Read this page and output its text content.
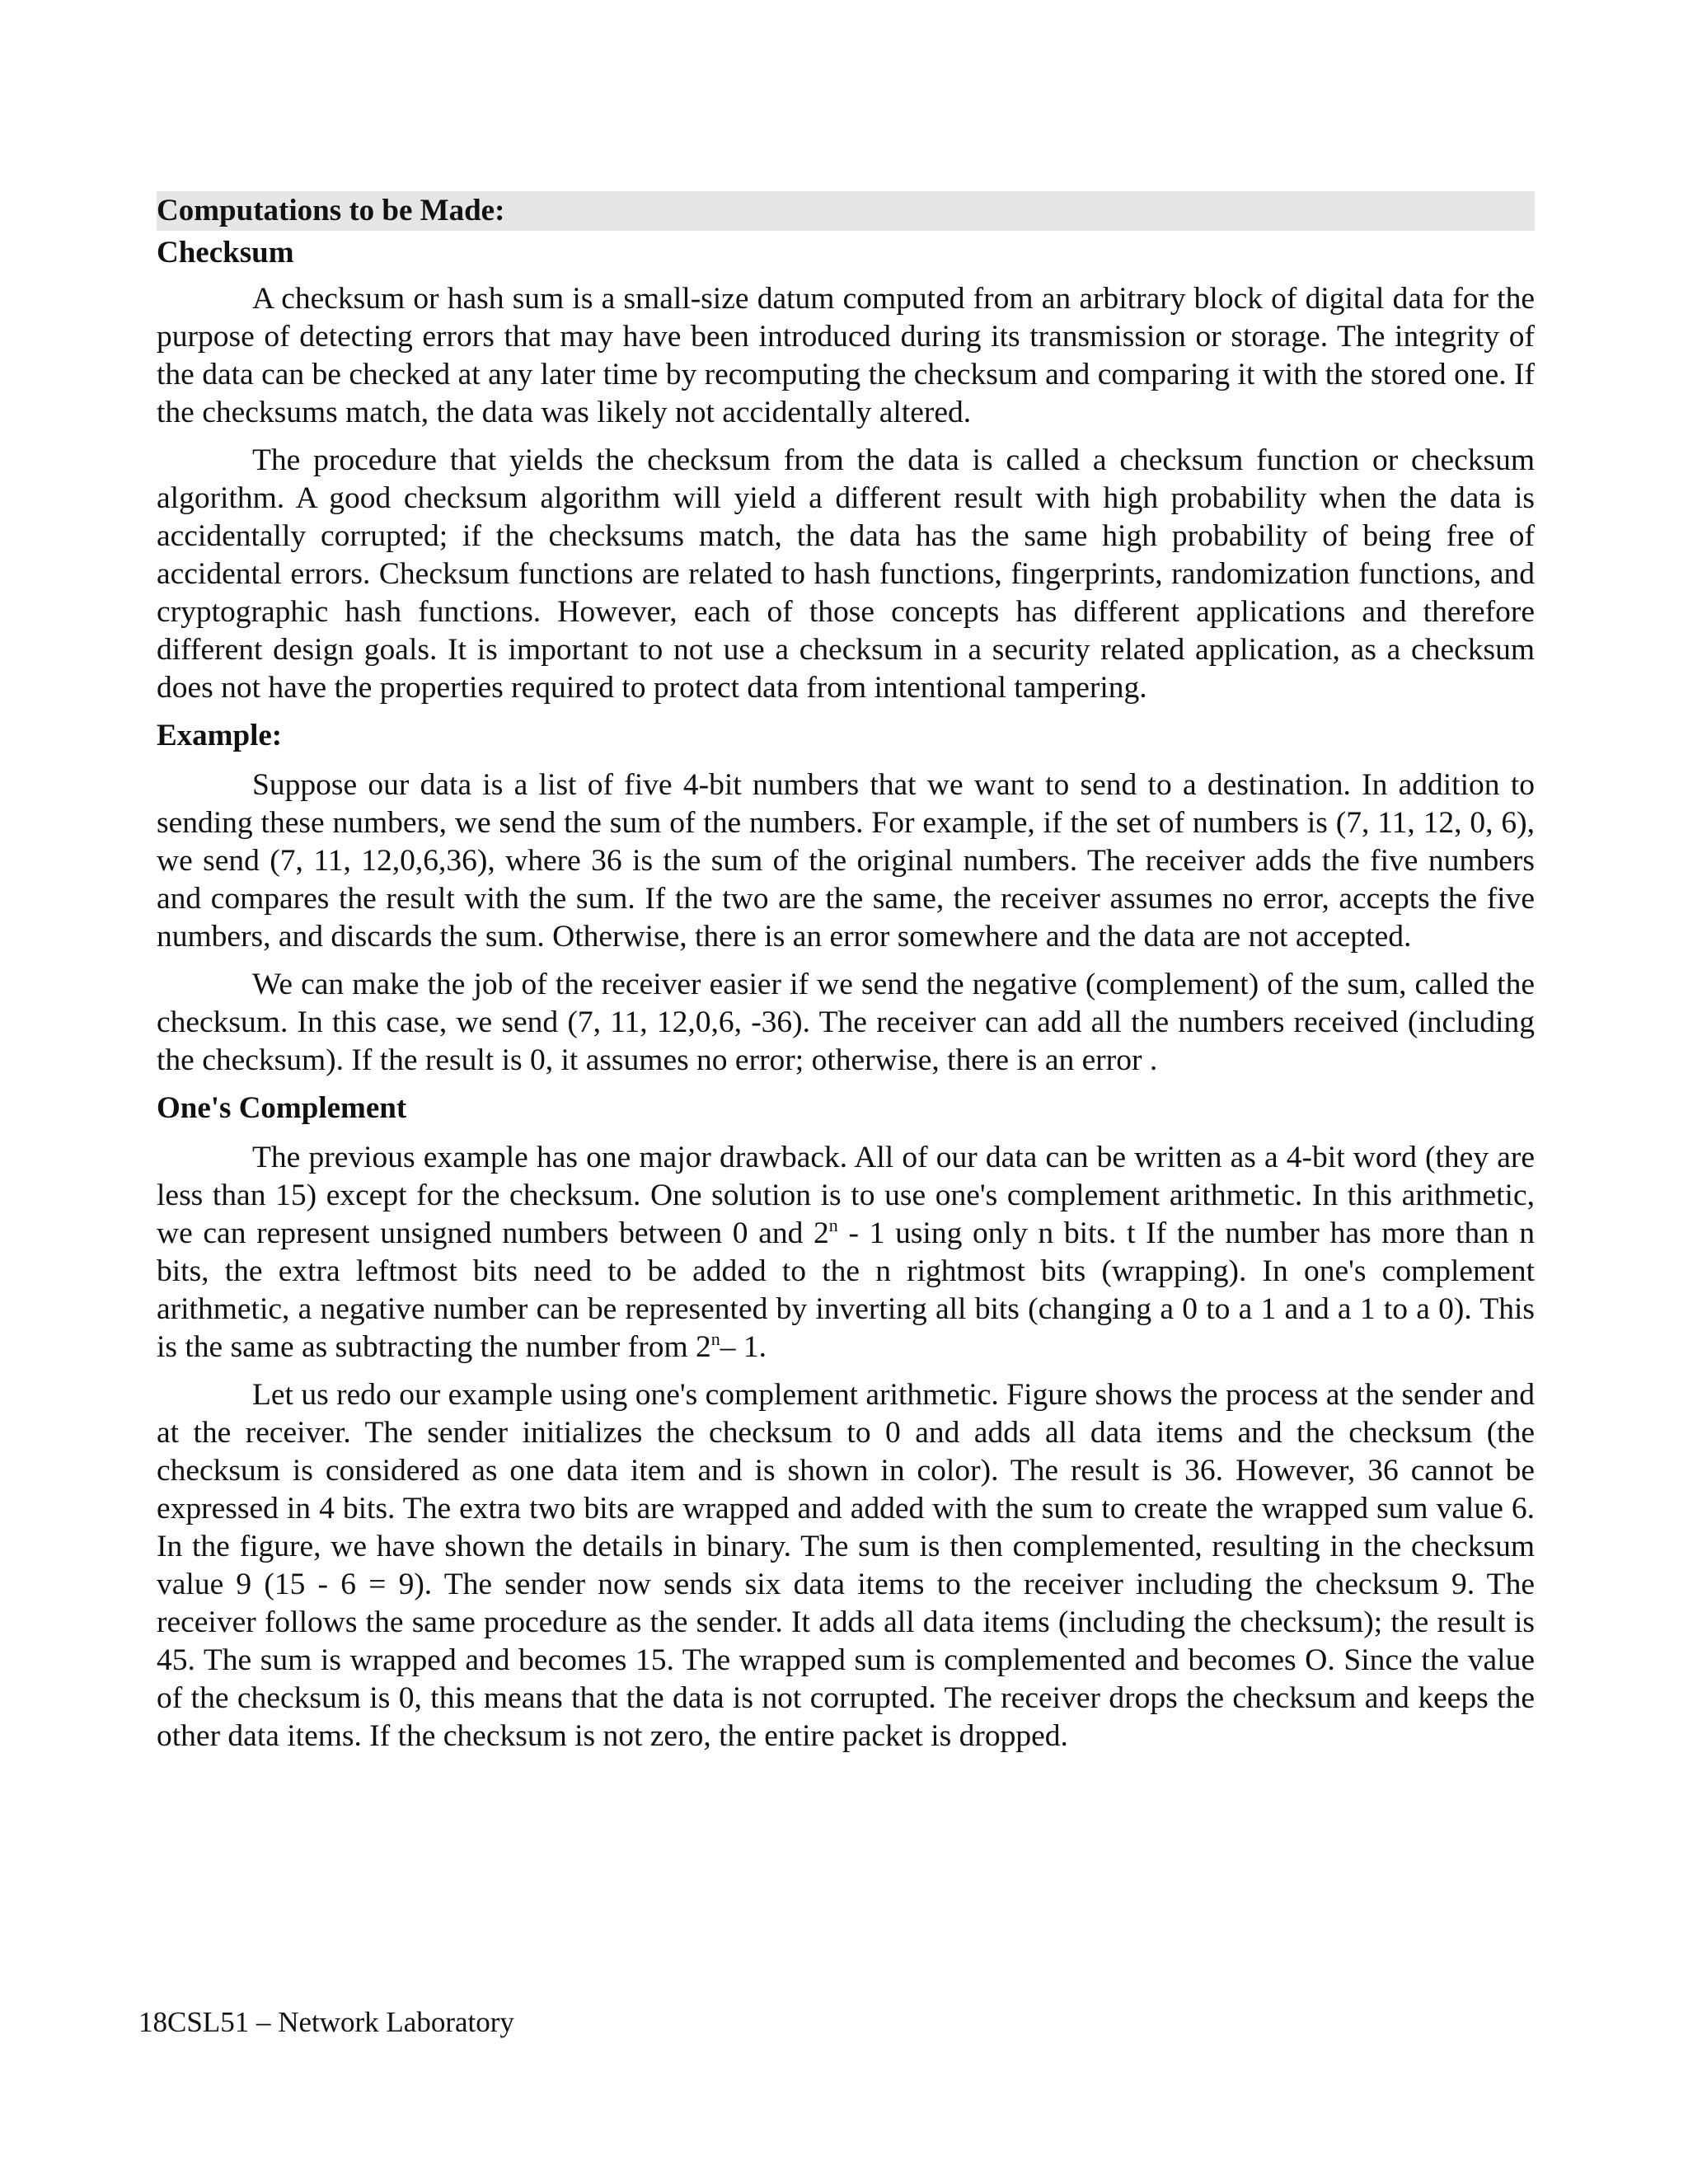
Computations to be Made:
Checksum

A checksum or hash sum is a small-size datum computed from an arbitrary block of digital data for the purpose of detecting errors that may have been introduced during its transmission or storage. The integrity of the data can be checked at any later time by recomputing the checksum and comparing it with the stored one. If the checksums match, the data was likely not accidentally altered.

The procedure that yields the checksum from the data is called a checksum function or checksum algorithm. A good checksum algorithm will yield a different result with high probability when the data is accidentally corrupted; if the checksums match, the data has the same high probability of being free of accidental errors. Checksum functions are related to hash functions, fingerprints, randomization functions, and cryptographic hash functions. However, each of those concepts has different applications and therefore different design goals. It is important to not use a checksum in a security related application, as a checksum does not have the properties required to protect data from intentional tampering.

Example:

Suppose our data is a list of five 4-bit numbers that we want to send to a destination. In addition to sending these numbers, we send the sum of the numbers. For example, if the set of numbers is (7, 11, 12, 0, 6), we send (7, 11, 12,0,6,36), where 36 is the sum of the original numbers. The receiver adds the five numbers and compares the result with the sum. If the two are the same, the receiver assumes no error, accepts the five numbers, and discards the sum. Otherwise, there is an error somewhere and the data are not accepted.

We can make the job of the receiver easier if we send the negative (complement) of the sum, called the checksum. In this case, we send (7, 11, 12,0,6, -36). The receiver can add all the numbers received (including the checksum). If the result is 0, it assumes no error; otherwise, there is an error .

One's Complement

The previous example has one major drawback. All of our data can be written as a 4-bit word (they are less than 15) except for the checksum. One solution is to use one's complement arithmetic. In this arithmetic, we can represent unsigned numbers between 0 and 2$^n$ - 1 using only n bits. t If the number has more than n bits, the extra leftmost bits need to be added to the n rightmost bits (wrapping). In one's complement arithmetic, a negative number can be represented by inverting all bits (changing a 0 to a 1 and a 1 to a 0). This is the same as subtracting the number from 2$^n$– 1.

Let us redo our example using one's complement arithmetic. Figure shows the process at the sender and at the receiver. The sender initializes the checksum to 0 and adds all data items and the checksum (the checksum is considered as one data item and is shown in color). The result is 36. However, 36 cannot be expressed in 4 bits. The extra two bits are wrapped and added with the sum to create the wrapped sum value 6. In the figure, we have shown the details in binary. The sum is then complemented, resulting in the checksum value 9 (15 - 6 = 9). The sender now sends six data items to the receiver including the checksum 9. The receiver follows the same procedure as the sender. It adds all data items (including the checksum); the result is 45. The sum is wrapped and becomes 15. The wrapped sum is complemented and becomes O. Since the value of the checksum is 0, this means that the data is not corrupted. The receiver drops the checksum and keeps the other data items. If the checksum is not zero, the entire packet is dropped.

18CSL51 – Network Laboratory
